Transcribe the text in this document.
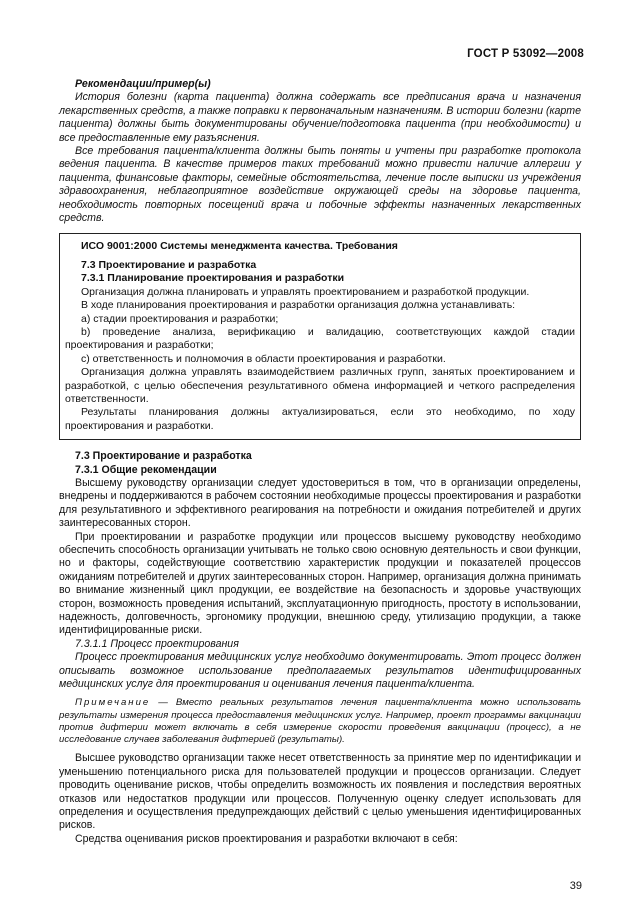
ГОСТ Р 53092—2008

Рекомендации/пример(ы)

История болезни (карта пациента) должна содержать все предписания врача и назначения лекарственных средств, а также поправки к первоначальным назначениям. В истории болезни (карте пациента) должны быть документированы обучение/подготовка пациента (при необходимости) и все предоставленные ему разъяснения.

Все требования пациента/клиента должны быть поняты и учтены при разработке протокола ведения пациента. В качестве примеров таких требований можно привести наличие аллергии у пациента, финансовые факторы, семейные обстоятельства, лечение после выписки из учреждения здравоохранения, неблагоприятное воздействие окружающей среды на здоровье пациента, необходимость повторных посещений врача и побочные эффекты назначенных лекарственных средств.

ИСО 9001:2000 Системы менеджмента качества. Требования

7.3 Проектирование и разработка

7.3.1 Планирование проектирования и разработки

Организация должна планировать и управлять проектированием и разработкой продукции.

В ходе планирования проектирования и разработки организация должна устанавливать:

а) стадии проектирования и разработки;

b) проведение анализа, верификацию и валидацию, соответствующих каждой стадии проектирования и разработки;

с) ответственность и полномочия в области проектирования и разработки.

Организация должна управлять взаимодействием различных групп, занятых проектированием и разработкой, с целью обеспечения результативного обмена информацией и четкого распределения ответственности.

Результаты планирования должны актуализироваться, если это необходимо, по ходу проектирования и разработки.

7.3 Проектирование и разработка

7.3.1 Общие рекомендации

Высшему руководству организации следует удостовериться в том, что в организации определены, внедрены и поддерживаются в рабочем состоянии необходимые процессы проектирования и разработки для результативного и эффективного реагирования на потребности и ожидания потребителей и других заинтересованных сторон.

При проектировании и разработке продукции или процессов высшему руководству необходимо обеспечить способность организации учитывать не только свою основную деятельность и свои функции, но и факторы, содействующие соответствию характеристик продукции и показателей процессов ожиданиям потребителей и других заинтересованных сторон. Например, организация должна принимать во внимание жизненный цикл продукции, ее воздействие на безопасность и здоровье участвующих сторон, возможность проведения испытаний, эксплуатационную пригодность, простоту в использовании, надежность, долговечность, эргономику продукции, внешнюю среду, утилизацию продукции, а также идентифицированные риски.

7.3.1.1 Процесс проектирования

Процесс проектирования медицинских услуг необходимо документировать. Этот процесс должен описывать возможное использование предполагаемых результатов идентифицированных медицинских услуг для проектирования и оценивания лечения пациента/клиента.

Примечание — Вместо реальных результатов лечения пациента/клиента можно использовать результаты измерения процесса предоставления медицинских услуг. Например, проект программы вакцинации против дифтерии может включать в себя измерение скорости проведения вакцинации (процесс), а не исследование случаев заболевания дифтерией (результаты).

Высшее руководство организации также несет ответственность за принятие мер по идентификации и уменьшению потенциального риска для пользователей продукции и процессов организации. Следует проводить оценивание рисков, чтобы определить возможность их появления и последствия вероятных отказов или недостатков продукции или процессов. Полученную оценку следует использовать для определения и осуществления предупреждающих действий с целью уменьшения идентифицированных рисков.

Средства оценивания рисков проектирования и разработки включают в себя:

39
